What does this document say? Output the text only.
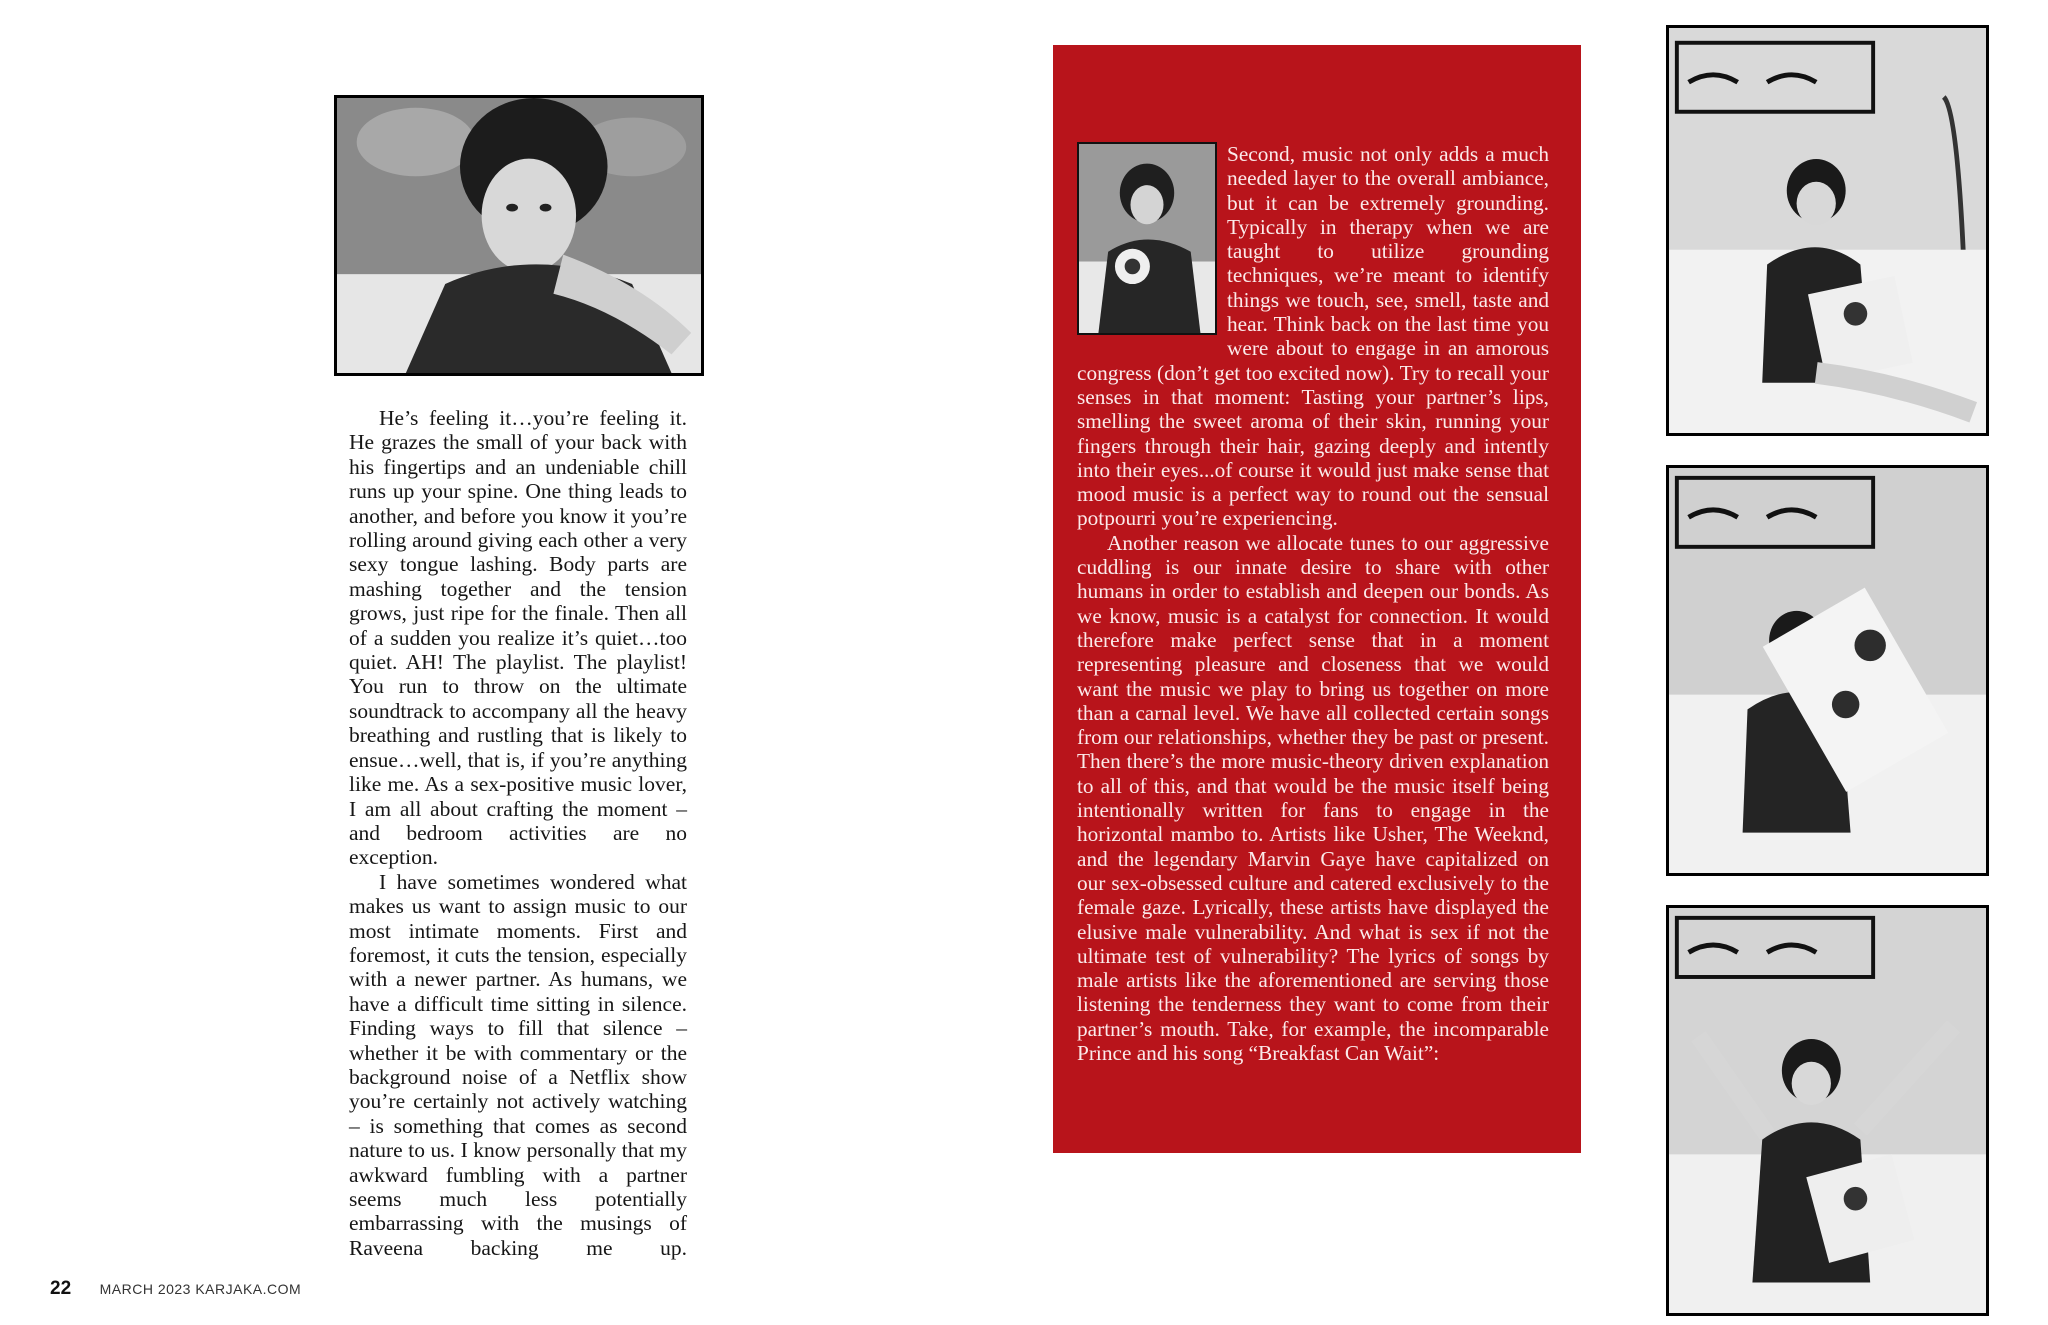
He’s feeling it…you’re feeling it. He grazes the small of your back with his fingertips and an undeniable chill runs up your spine. One thing leads to another, and before you know it you’re rolling around giving each other a very sexy tongue lashing. Body parts are mashing together and the tension grows, just ripe for the finale. Then all of a sudden you realize it’s quiet…too quiet. AH! The playlist. The playlist! You run to throw on the ultimate soundtrack to accompany all the heavy breathing and rustling that is likely to ensue…well, that is, if you’re anything like me. As a sex-positive music lover, I am all about crafting the moment – and bedroom activities are no exception.

I have sometimes wondered what makes us want to assign music to our most intimate moments. First and foremost, it cuts the tension, especially with a newer partner. As humans, we have a difficult time sitting in silence. Finding ways to fill that silence – whether it be with commentary or the background noise of a Netflix show you’re certainly not actively watching – is something that comes as second nature to us. I know personally that my awkward fumbling with a partner seems much less potentially embarrassing with the musings of Raveena backing me up.

Second, music not only adds a much needed layer to the overall ambiance, but it can be extremely grounding. Typically in therapy when we are taught to utilize grounding techniques, we’re meant to identify things we touch, see, smell, taste and hear. Think back on the last time you were about to engage in an amorous congress (don’t get too excited now). Try to recall your senses in that moment: Tasting your partner’s lips, smelling the sweet aroma of their skin, running your fingers through their hair, gazing deeply and intently into their eyes...of course it would just make sense that mood music is a perfect way to round out the sensual potpourri you’re experiencing.

Another reason we allocate tunes to our aggressive cuddling is our innate desire to share with other humans in order to establish and deepen our bonds. As we know, music is a catalyst for connection. It would therefore make perfect sense that in a moment representing pleasure and closeness that we would want the music we play to bring us together on more than a carnal level. We have all collected certain songs from our relationships, whether they be past or present. Then there’s the more music-theory driven explanation to all of this, and that would be the music itself being intentionally written for fans to engage in the horizontal mambo to. Artists like Usher, The Weeknd, and the legendary Marvin Gaye have capitalized on our sex-obsessed culture and catered exclusively to the female gaze. Lyrically, these artists have displayed the elusive male vulnerability. And what is sex if not the ultimate test of vulnerability? The lyrics of songs by male artists like the aforementioned are serving those listening the tenderness they want to come from their partner’s mouth. Take, for example, the incomparable Prince and his song “Breakfast Can Wait”:

22 MARCH 2023 KARJAKA.COM
